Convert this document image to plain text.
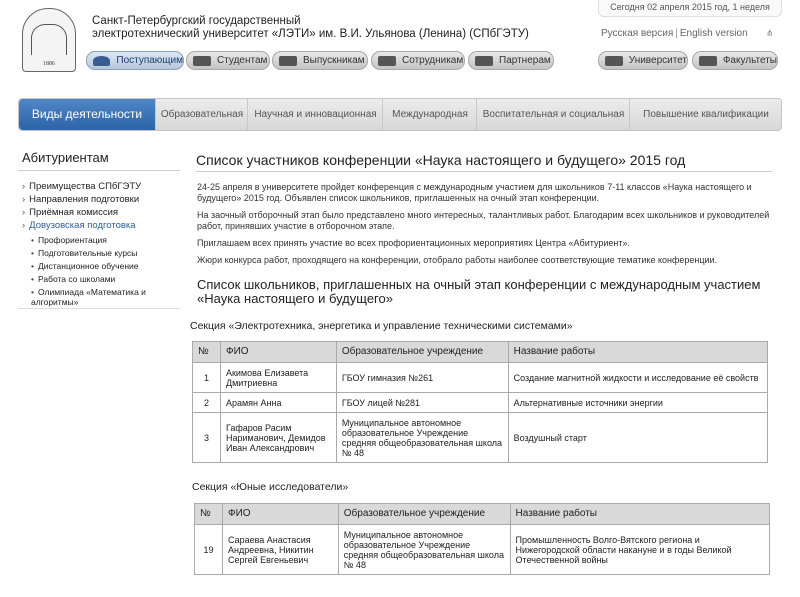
1886
Санкт-Петербургский государственный
электротехнический университет «ЛЭТИ» им. В.И. Ульянова (Ленина) (СПбГЭТУ)
Сегодня 02 апреля 2015 год, 1 неделя
Русская версия | English version ⋔
Поступающим	Студентам	Выпускникам	Сотрудникам	Партнерам	Университет	Факультеты
Виды деятельности	Образовательная	Научная и инновационная	Международная	Воспитательная и социальная	Повышение квалификации
Абитуриентам
› Преимущества СПбГЭТУ
› Направления подготовки
› Приёмная комиссия
› Довузовская подготовка
• Профориентация
• Подготовительные курсы
• Дистанционное обучение
• Работа со школами
• Олимпиада «Математика и алгоритмы»
Список участников конференции «Наука настоящего и будущего» 2015 год
24-25 апреля в университете пройдет конференция с международным участием для школьников 7-11 классов «Наука настоящего и будущего» 2015 год. Объявлен список школьников, приглашенных на очный этап конференции.
На заочный отборочный этап было представлено много интересных, талантливых работ. Благодарим всех школьников и руководителей работ, принявших участие в отборочном этапе.
Приглашаем всех принять участие во всех профориентационных мероприятиях Центра «Абитуриент».
Жюри конкурса работ, проходящего на конференции, отобрало работы наиболее соответствующие тематике конференции.
Список школьников, приглашенных на очный этап конференции с международным участием «Наука настоящего и будущего»
Секция «Электротехника, энергетика и управление техническими системами»
№	ФИО	Образовательное учреждение	Название работы
1	Акимова Елизавета Дмитриевна	ГБОУ гимназия №261	Создание магнитной жидкости и исследование её свойств
2	Арамян Анна	ГБОУ лицей №281	Альтернативные источники энергии
3	Гафаров Расим Наримaнович, Демидов Иван Александрович	Муниципальное автономное образовательное Учреждение средняя общеобразовательная школа № 48	Воздушный старт
Секция «Юные исследователи»
№	ФИО	Образовательное учреждение	Название работы
19	Сараева Анастасия Андреевна, Никитин Сергей Евгеньевич	Муниципальное автономное образовательное Учреждение средняя общеобразовательная школа № 48	Промышленность Волго-Вятского региона и Нижегородской области накануне и в годы Великой Отечественной войны
